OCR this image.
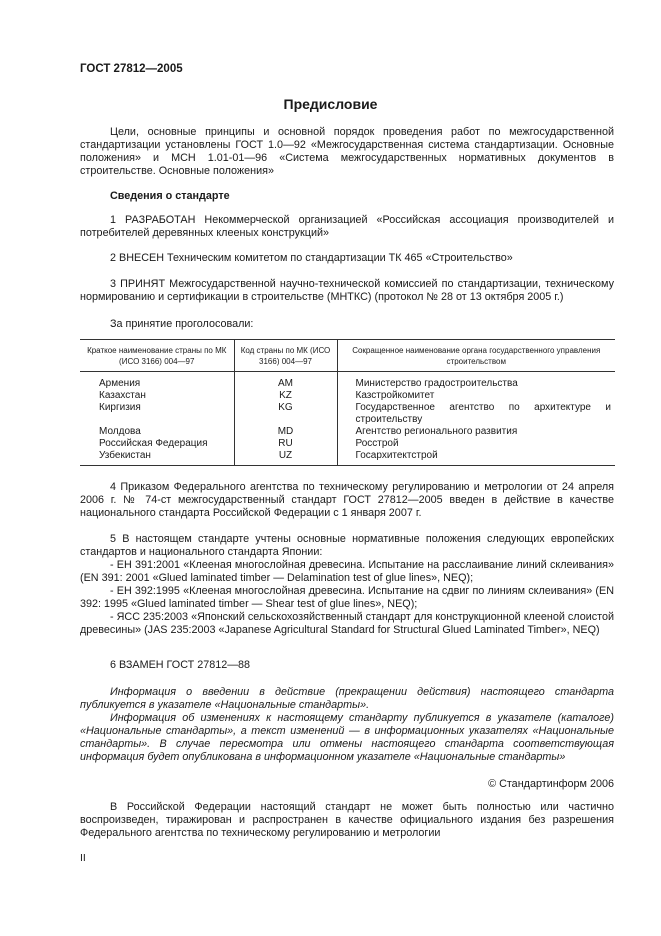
ГОСТ 27812—2005
Предисловие

Цели, основные принципы и основной порядок проведения работ по межгосударственной стандартизации установлены ГОСТ 1.0—92 «Межгосударственная система стандартизации. Основные положения» и МСН 1.01-01—96 «Система межгосударственных нормативных документов в строительстве. Основные положения»

Сведения о стандарте

1 РАЗРАБОТАН Некоммерческой организацией «Российская ассоциация производителей и потребителей деревянных клееных конструкций»

2 ВНЕСЕН Техническим комитетом по стандартизации ТК 465 «Строительство»

3 ПРИНЯТ Межгосударственной научно-технической комиссией по стандартизации, техническому нормированию и сертификации в строительстве (МНТКС) (протокол № 28 от 13 октября 2005 г.)

За принятие проголосовали:

Краткое наименование страны по МК (ИСО 3166) 004—97	Код страны по МК (ИСО 3166) 004—97	Сокращенное наименование органа государственного управления строительством
Армения	AM	Министерство градостроительства
Казахстан	KZ	Казстройкомитет
Киргизия	KG	Государственное агентство по архитектуре и строительству
Молдова	MD	Агентство регионального развития
Российская Федерация	RU	Росстрой
Узбекистан	UZ	Госархитектстрой

4 Приказом Федерального агентства по техническому регулированию и метрологии от 24 апреля 2006 г. № 74-ст межгосударственный стандарт ГОСТ 27812—2005 введен в действие в качестве национального стандарта Российской Федерации с 1 января 2007 г.

5 В настоящем стандарте учтены основные нормативные положения следующих европейских стандартов и национального стандарта Японии:

- ЕН 391:2001 «Клееная многослойная древесина. Испытание на расслаивание линий склеивания» (EN 391: 2001 «Glued laminated timber — Delamination test of glue lines», NEQ);

- ЕН 392:1995 «Клееная многослойная древесина. Испытание на сдвиг по линиям склеивания» (EN 392: 1995 «Glued laminated timber — Shear test of glue lines», NEQ);

- ЯСС 235:2003 «Японский сельскохозяйственный стандарт для конструкционной клееной слоистой древесины» (JAS 235:2003 «Japanese Agricultural Standard for Structural Glued Laminated Timber», NEQ)

6 ВЗАМЕН ГОСТ 27812—88

Информация о введении в действие (прекращении действия) настоящего стандарта публикуется в указателе «Национальные стандарты».

Информация об изменениях к настоящему стандарту публикуется в указателе (каталоге) «Национальные стандарты», а текст изменений — в информационных указателях «Национальные стандарты». В случае пересмотра или отмены настоящего стандарта соответствующая информация будет опубликована в информационном указателе «Национальные стандарты»

© Стандартинформ 2006

В Российской Федерации настоящий стандарт не может быть полностью или частично воспроизведен, тиражирован и распространен в качестве официального издания без разрешения Федерального агентства по техническому регулированию и метрологии

II
